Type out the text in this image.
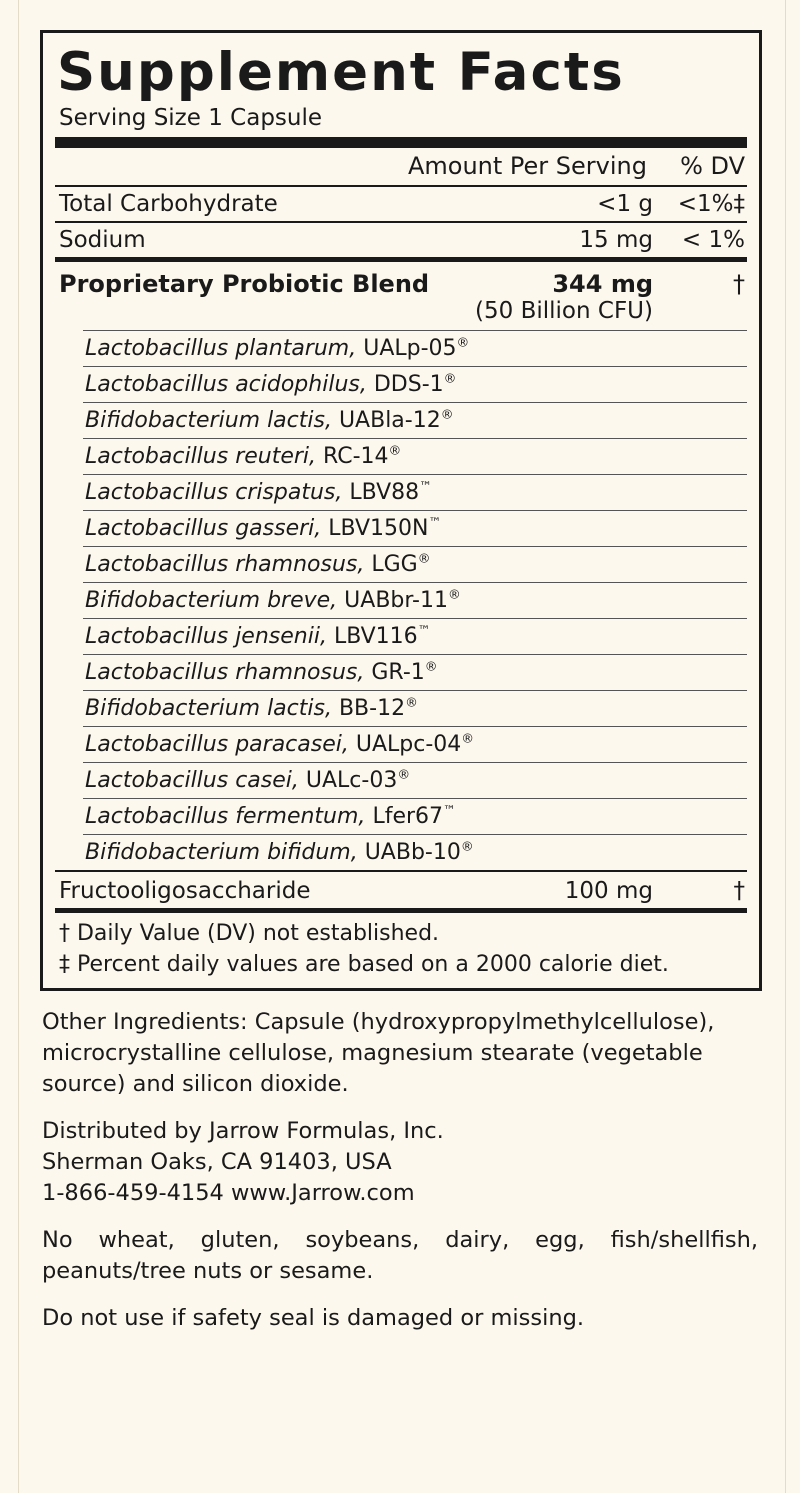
Supplement Facts
Serving Size 1 Capsule
Amount Per Serving	% DV
Total Carbohydrate	<1 g	<1%‡
Sodium	15 mg	< 1%
Proprietary Probiotic Blend	344 mg	†
(50 Billion CFU)
Lactobacillus plantarum, UALp-05®
Lactobacillus acidophilus, DDS-1®
Bifidobacterium lactis, UABla-12®
Lactobacillus reuteri, RC-14®
Lactobacillus crispatus, LBV88™
Lactobacillus gasseri, LBV150N™
Lactobacillus rhamnosus, LGG®
Bifidobacterium breve, UABbr-11®
Lactobacillus jensenii, LBV116™
Lactobacillus rhamnosus, GR-1®
Bifidobacterium lactis, BB-12®
Lactobacillus paracasei, UALpc-04®
Lactobacillus casei, UALc-03®
Lactobacillus fermentum, Lfer67™
Bifidobacterium bifidum, UABb-10®
Fructooligosaccharide	100 mg	†
† Daily Value (DV) not established.
‡ Percent daily values are based on a 2000 calorie diet.

Other Ingredients: Capsule (hydroxypropylmethylcellulose), microcrystalline cellulose, magnesium stearate (vegetable source) and silicon dioxide.

Distributed by Jarrow Formulas, Inc.

Sherman Oaks, CA 91403, USA

1-866-459-4154 www.Jarrow.com

No wheat, gluten, soybeans, dairy, egg, fish/shellfish, peanuts/tree nuts or sesame.

Do not use if safety seal is damaged or missing.
